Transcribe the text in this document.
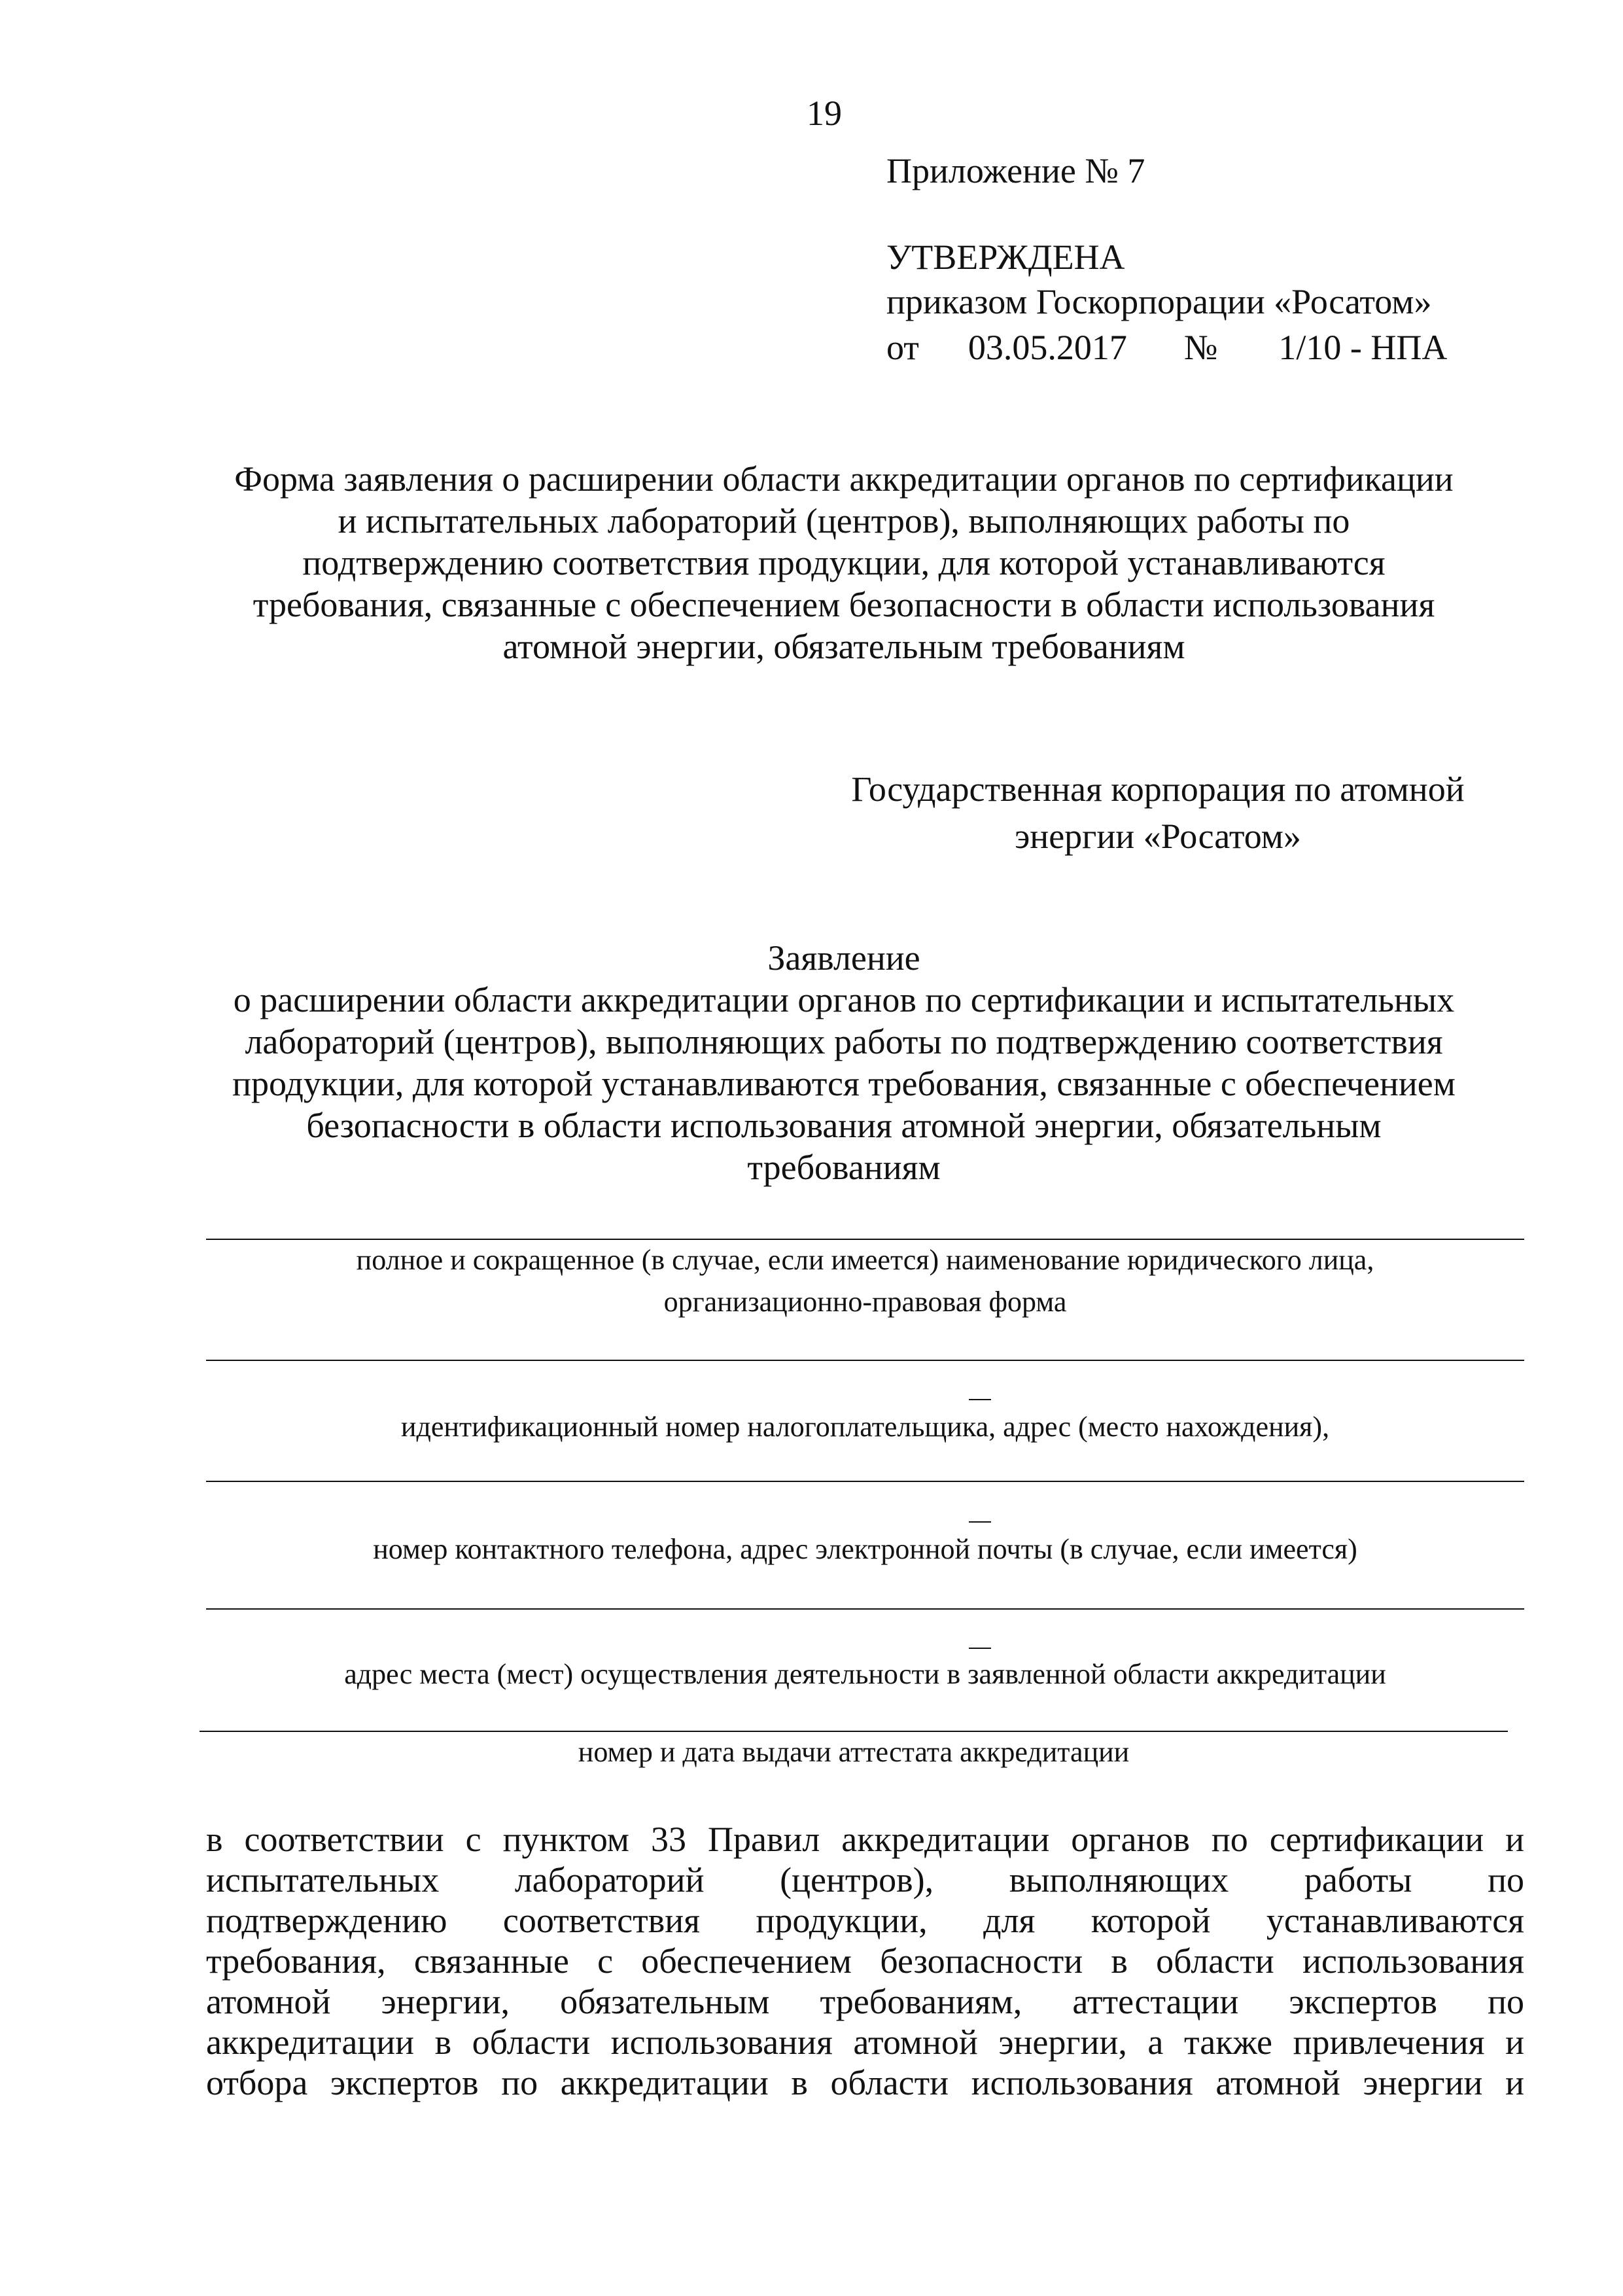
19
Приложение № 7
УТВЕРЖДЕНА
приказом Госкорпорации «Росатом»
от 03.05.2017 № 1/10 - НПА
Форма заявления о расширении области аккредитации органов по сертификации
и испытательных лабораторий (центров), выполняющих работы по
подтверждению соответствия продукции, для которой устанавливаются
требования, связанные с обеспечением безопасности в области использования
атомной энергии, обязательным требованиям
Государственная корпорация по атомной
энергии «Росатом»
Заявление
о расширении области аккредитации органов по сертификации и испытательных
лабораторий (центров), выполняющих работы по подтверждению соответствия
продукции, для которой устанавливаются требования, связанные с обеспечением
безопасности в области использования атомной энергии, обязательным
требованиям
полное и сокращенное (в случае, если имеется) наименование юридического лица,
организационно-правовая форма
идентификационный номер налогоплательщика, адрес (место нахождения),
номер контактного телефона, адрес электронной почты (в случае, если имеется)
адрес места (мест) осуществления деятельности в заявленной области аккредитации
номер и дата выдачи аттестата аккредитации
в соответствии с пунктом 33 Правил аккредитации органов по сертификации и
испытательных лабораторий (центров), выполняющих работы по
подтверждению соответствия продукции, для которой устанавливаются
требования, связанные с обеспечением безопасности в области использования
атомной энергии, обязательным требованиям, аттестации экспертов по
аккредитации в области использования атомной энергии, а также привлечения и
отбора экспертов по аккредитации в области использования атомной энергии и
